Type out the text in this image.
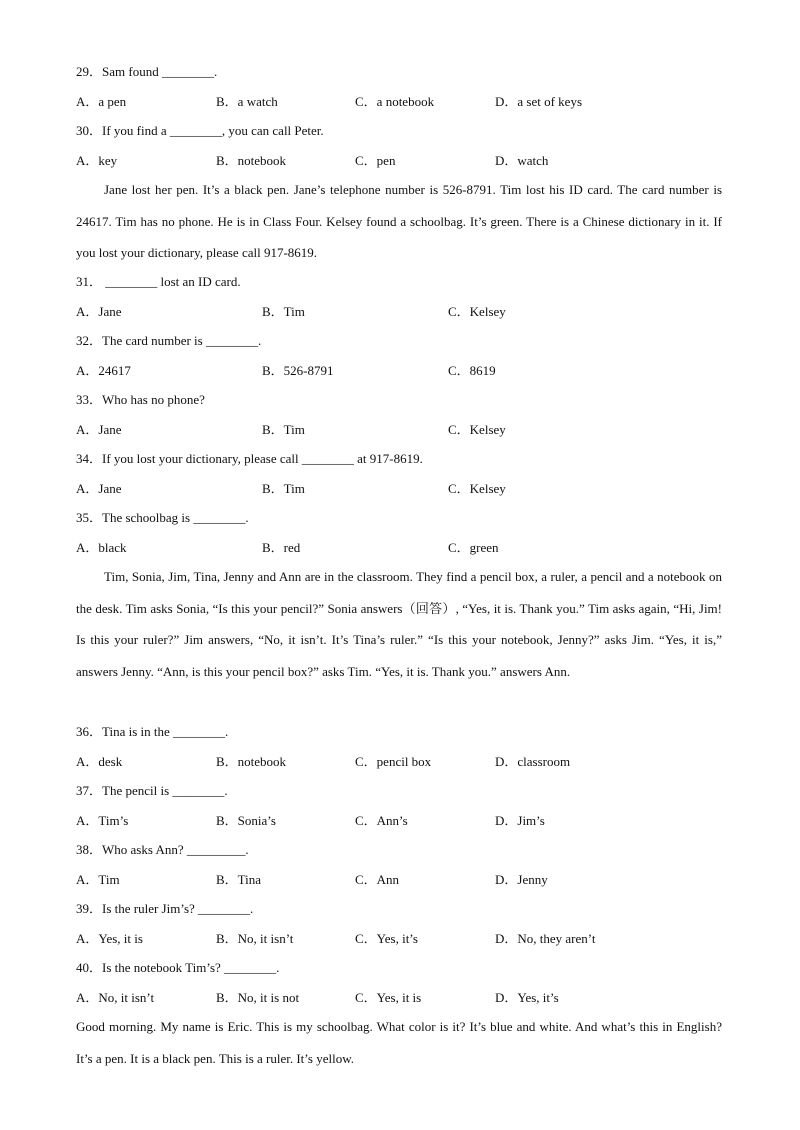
29．Sam found ________.
A．a pen	B．a watch	C．a notebook	D．a set of keys
30．If you find a ________, you can call Peter.
A．key	B．notebook	C．pen	D．watch
Jane lost her pen. It’s a black pen. Jane’s telephone number is 526-8791. Tim lost his ID card. The card number is 24617. Tim has no phone. He is in Class Four. Kelsey found a schoolbag. It’s green. There is a Chinese dictionary in it. If you lost your dictionary, please call 917-8619.
31． ________ lost an ID card.
A．Jane	B．Tim	C．Kelsey
32．The card number is ________.
A．24617	B．526-8791	C．8619
33．Who has no phone?
A．Jane	B．Tim	C．Kelsey
34．If you lost your dictionary, please call ________ at 917-8619.
A．Jane	B．Tim	C．Kelsey
35．The schoolbag is ________.
A．black	B．red	C．green
Tim, Sonia, Jim, Tina, Jenny and Ann are in the classroom. They find a pencil box, a ruler, a pencil and a notebook on the desk. Tim asks Sonia, “Is this your pencil?” Sonia answers（回答）, “Yes, it is. Thank you.” Tim asks again, “Hi, Jim! Is this your ruler?” Jim answers, “No, it isn’t. It’s Tina’s ruler.” “Is this your notebook, Jenny?” asks Jim. “Yes, it is,” answers Jenny. “Ann, is this your pencil box?” asks Tim. “Yes, it is. Thank you.” answers Ann.
36．Tina is in the ________.
A．desk	B．notebook	C．pencil box	D．classroom
37．The pencil is ________.
A．Tim’s	B．Sonia’s	C．Ann’s	D．Jim’s
38．Who asks Ann? _________.
A．Tim	B．Tina	C．Ann	D．Jenny
39．Is the ruler Jim’s? ________.
A．Yes, it is	B．No, it isn’t	C．Yes, it’s	D．No, they aren’t
40．Is the notebook Tim’s? ________.
A．No, it isn’t	B．No, it is not	C．Yes, it is	D．Yes, it’s
Good morning. My name is Eric. This is my schoolbag. What color is it? It’s blue and white. And what’s this in English? It’s a pen. It is a black pen. This is a ruler. It’s yellow.
